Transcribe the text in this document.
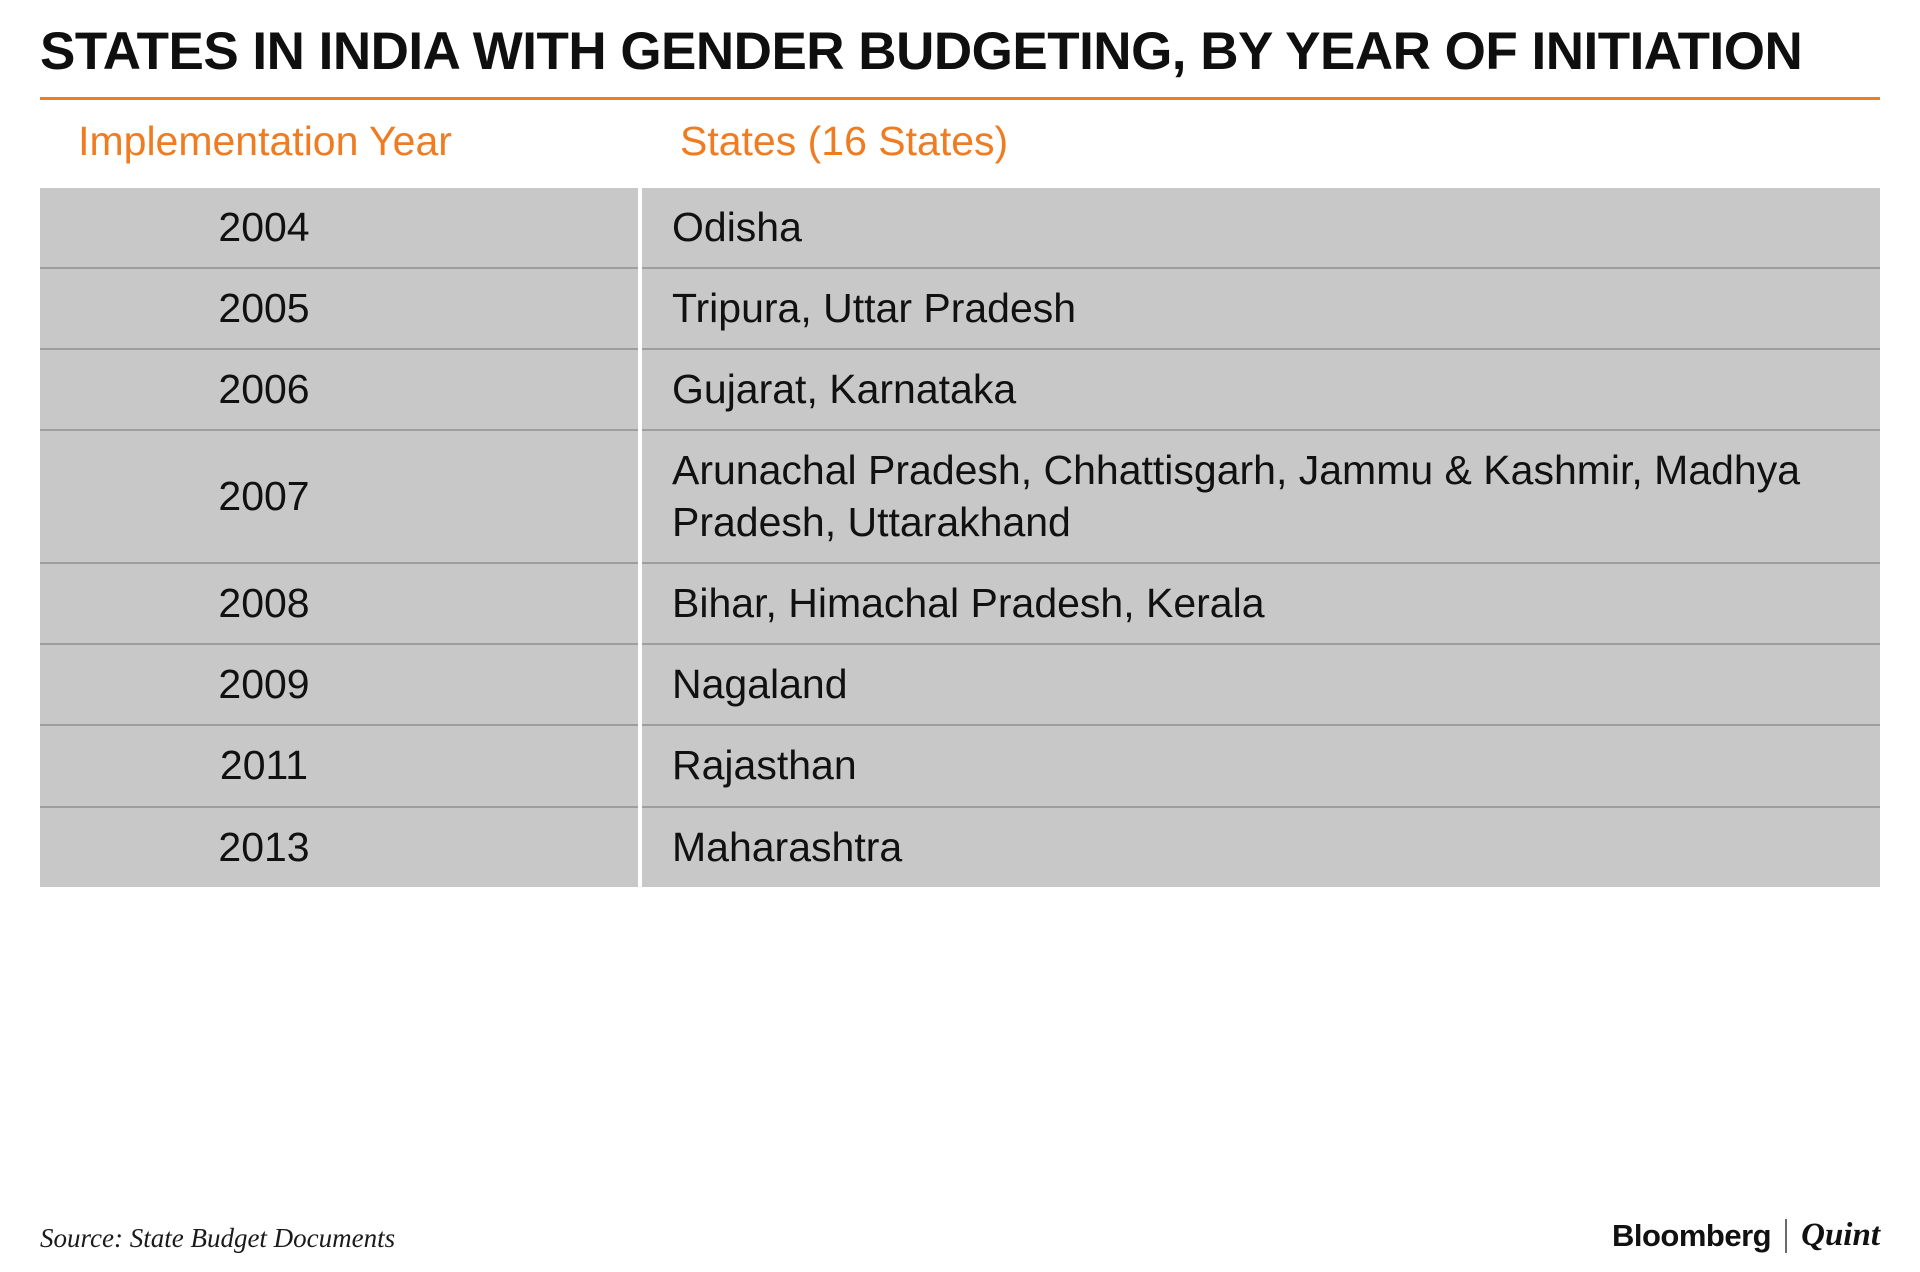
STATES IN INDIA WITH GENDER BUDGETING, BY YEAR OF INITIATION
Implementation Year	States (16 States)
2004	Odisha
2005	Tripura, Uttar Pradesh
2006	Gujarat, Karnataka
2007	Arunachal Pradesh, Chhattisgarh, Jammu & Kashmir, Madhya Pradesh, Uttarakhand
2008	Bihar, Himachal Pradesh, Kerala
2009	Nagaland
2011	Rajasthan
2013	Maharashtra
Source: State Budget Documents	Bloomberg Quint
